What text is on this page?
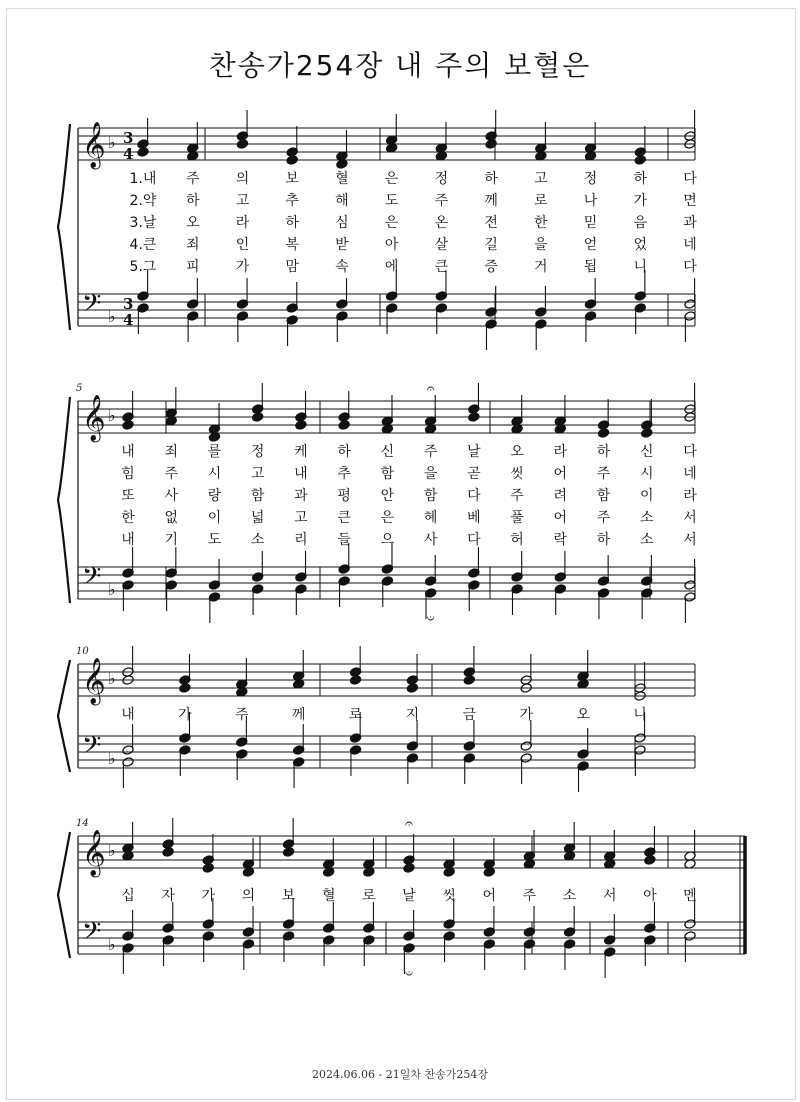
찬송가254장 내 주의 보혈은
𝄞
𝄢
♭
♭
3
4
3
4
1.내 주	의	보	혈	은	정	하	고	정	하	다
2.약 하	고	추	해	도	주	께	로	나	가	면
3.날 오	라	하	심	은	온	전	한	믿	음	과
4.큰 죄	인	복	받	아	살	길	을	얻	었	네
5.그 피	가	맘	속	에	큰	증	거	됩	니	다
𝄞
𝄢
♭
♭
5
내 죄 를 정 케 하 신 주 날 오 라 하 신 다
힘 주 시 고 내 추 함 을 곧 씻 어 주 시 네
또 사 랑 함 과 평 안 함 다 주 려 함 이 라
한 없 이 넓 고 큰 은 혜 베 풀 어 주 소 서
내 기 도 소 리 들 으 사 다 허 락 하 소 서
𝄐
𝄑
𝄞
𝄢
♭
♭
10
내	가	주	께	로	지	금	가	오	니
𝄞
𝄢
♭
♭
14
십 자 가 의 보 혈 로 날 씻 어 주 소 서 아 멘
𝄐
𝄑
2024.06.06 - 21일차 찬송가254장
